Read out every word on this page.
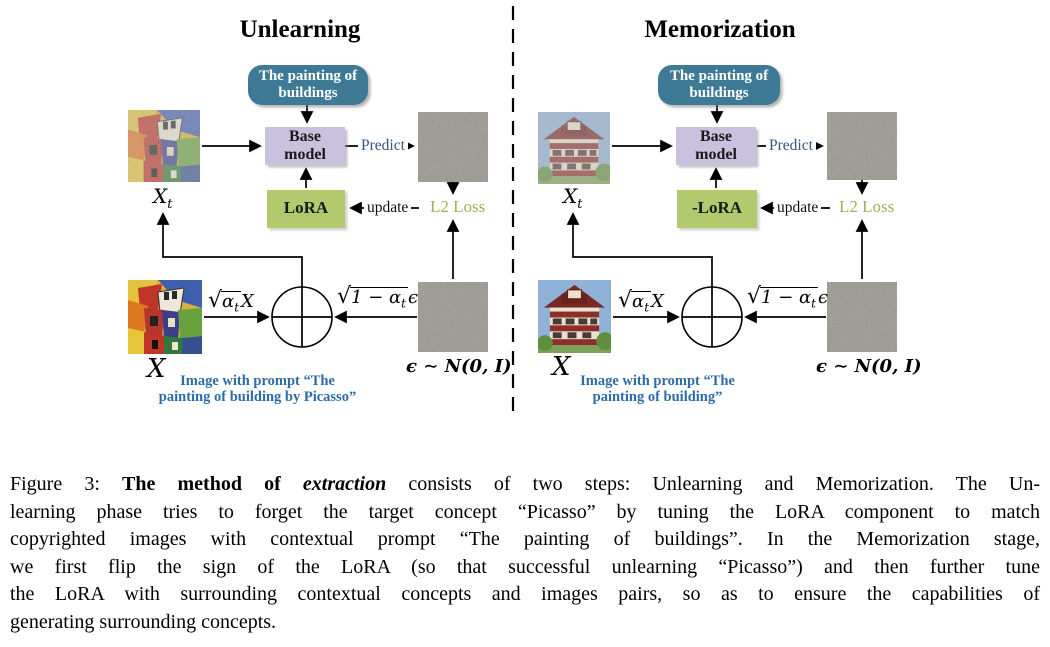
Unlearning
The painting of
buildings
$X_t$
Base
model
LoRA
Predict
update L2 Loss
X
$√\alpha_t$ X	$√1 - \alpha_t$ ϵ
ϵ ∼ N(0, I)
Image with prompt “The
painting of building by Picasso”
Memorization
The painting of
buildings
$X_t$
Base
model
-LoRA
Predict
update L2 Loss
X
$√\alpha_t$ X	$√1 - \alpha_t$ ϵ
ϵ ∼ N(0, I)
Image with prompt “The
painting of building”
Figure 3: The method of extraction consists of two steps: Unlearning and Memorization. The Un-
learning phase tries to forget the target concept “Picasso” by tuning the LoRA component to match
copyrighted images with contextual prompt “The painting of buildings”. In the Memorization stage,
we first flip the sign of the LoRA (so that successful unlearning “Picasso”) and then further tune
the LoRA with surrounding contextual concepts and images pairs, so as to ensure the capabilities of
generating surrounding concepts.
